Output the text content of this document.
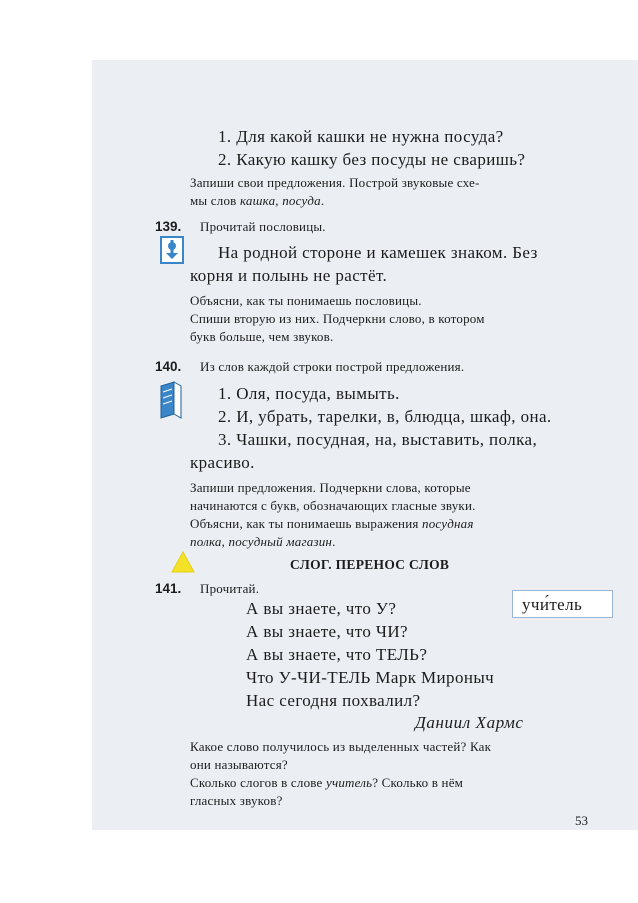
1. Для какой кашки не нужна посуда?
2. Какую кашку без посуды не сваришь?
Запиши свои предложения. Построй звуковые схе-
мы слов кашка, посуда.
139. Прочитай пословицы.
На родной стороне и камешек знаком. Без
корня и полынь не растёт.
Объясни, как ты понимаешь пословицы.
Спиши вторую из них. Подчеркни слово, в котором
букв больше, чем звуков.
140. Из слов каждой строки построй предложения.
1. Оля, посуда, вымыть.
2. И, убрать, тарелки, в, блюдца, шкаф, она.
3. Чашки, посудная, на, выставить, полка,
красиво.
Запиши предложения. Подчеркни слова, которые
начинаются с букв, обозначающих гласные звуки.
Объясни, как ты понимаешь выражения посудная
полка, посудный магазин.
СЛОГ. ПЕРЕНОС СЛОВ
141. Прочитай.
А вы знаете, что У?
А вы знаете, что ЧИ?
А вы знаете, что ТЕЛЬ?
Что У-ЧИ-ТЕЛЬ Марк Мироныч
Нас сегодня похвалил?
учи́тель
Даниил Хармс
Какое слово получилось из выделенных частей? Как
они называются?
Сколько слогов в слове учитель? Сколько в нём
гласных звуков?
53
